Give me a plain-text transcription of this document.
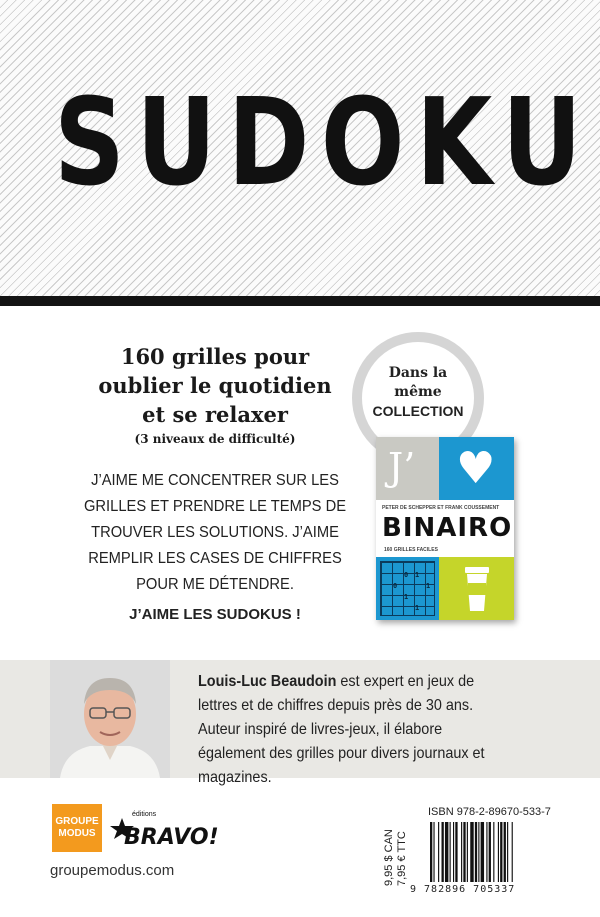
SUDOKU
160 grilles pour
oublier le quotidien
et se relaxer
(3 niveaux de difficulté)
J’AIME ME CONCENTRER SUR LES
GRILLES ET PRENDRE LE TEMPS DE
TROUVER LES SOLUTIONS. J’AIME
REMPLIR LES CASES DE CHIFFRES
POUR ME DÉTENDRE.
J’AIME LES SUDOKUS !
Dans la
même
COLLECTION
J’ ♥
PETER DE SCHEPPER ET FRANK COUSSEMENT
BINAIRO
160 GRILLES FACILES
0 1
0	1
1
1
Louis-Luc Beaudoin est expert en jeux de lettres et de chiffres depuis près de 30 ans. Auteur inspiré de livres-jeux, il élabore également des grilles pour divers journaux et magazines.
GROUPE
MODUS
éditions
BRAVO!
groupemodus.com	9,95 $ CAN 7,95 € TTC
ISBN 978-2-89670-533-7
9 782896 705337
